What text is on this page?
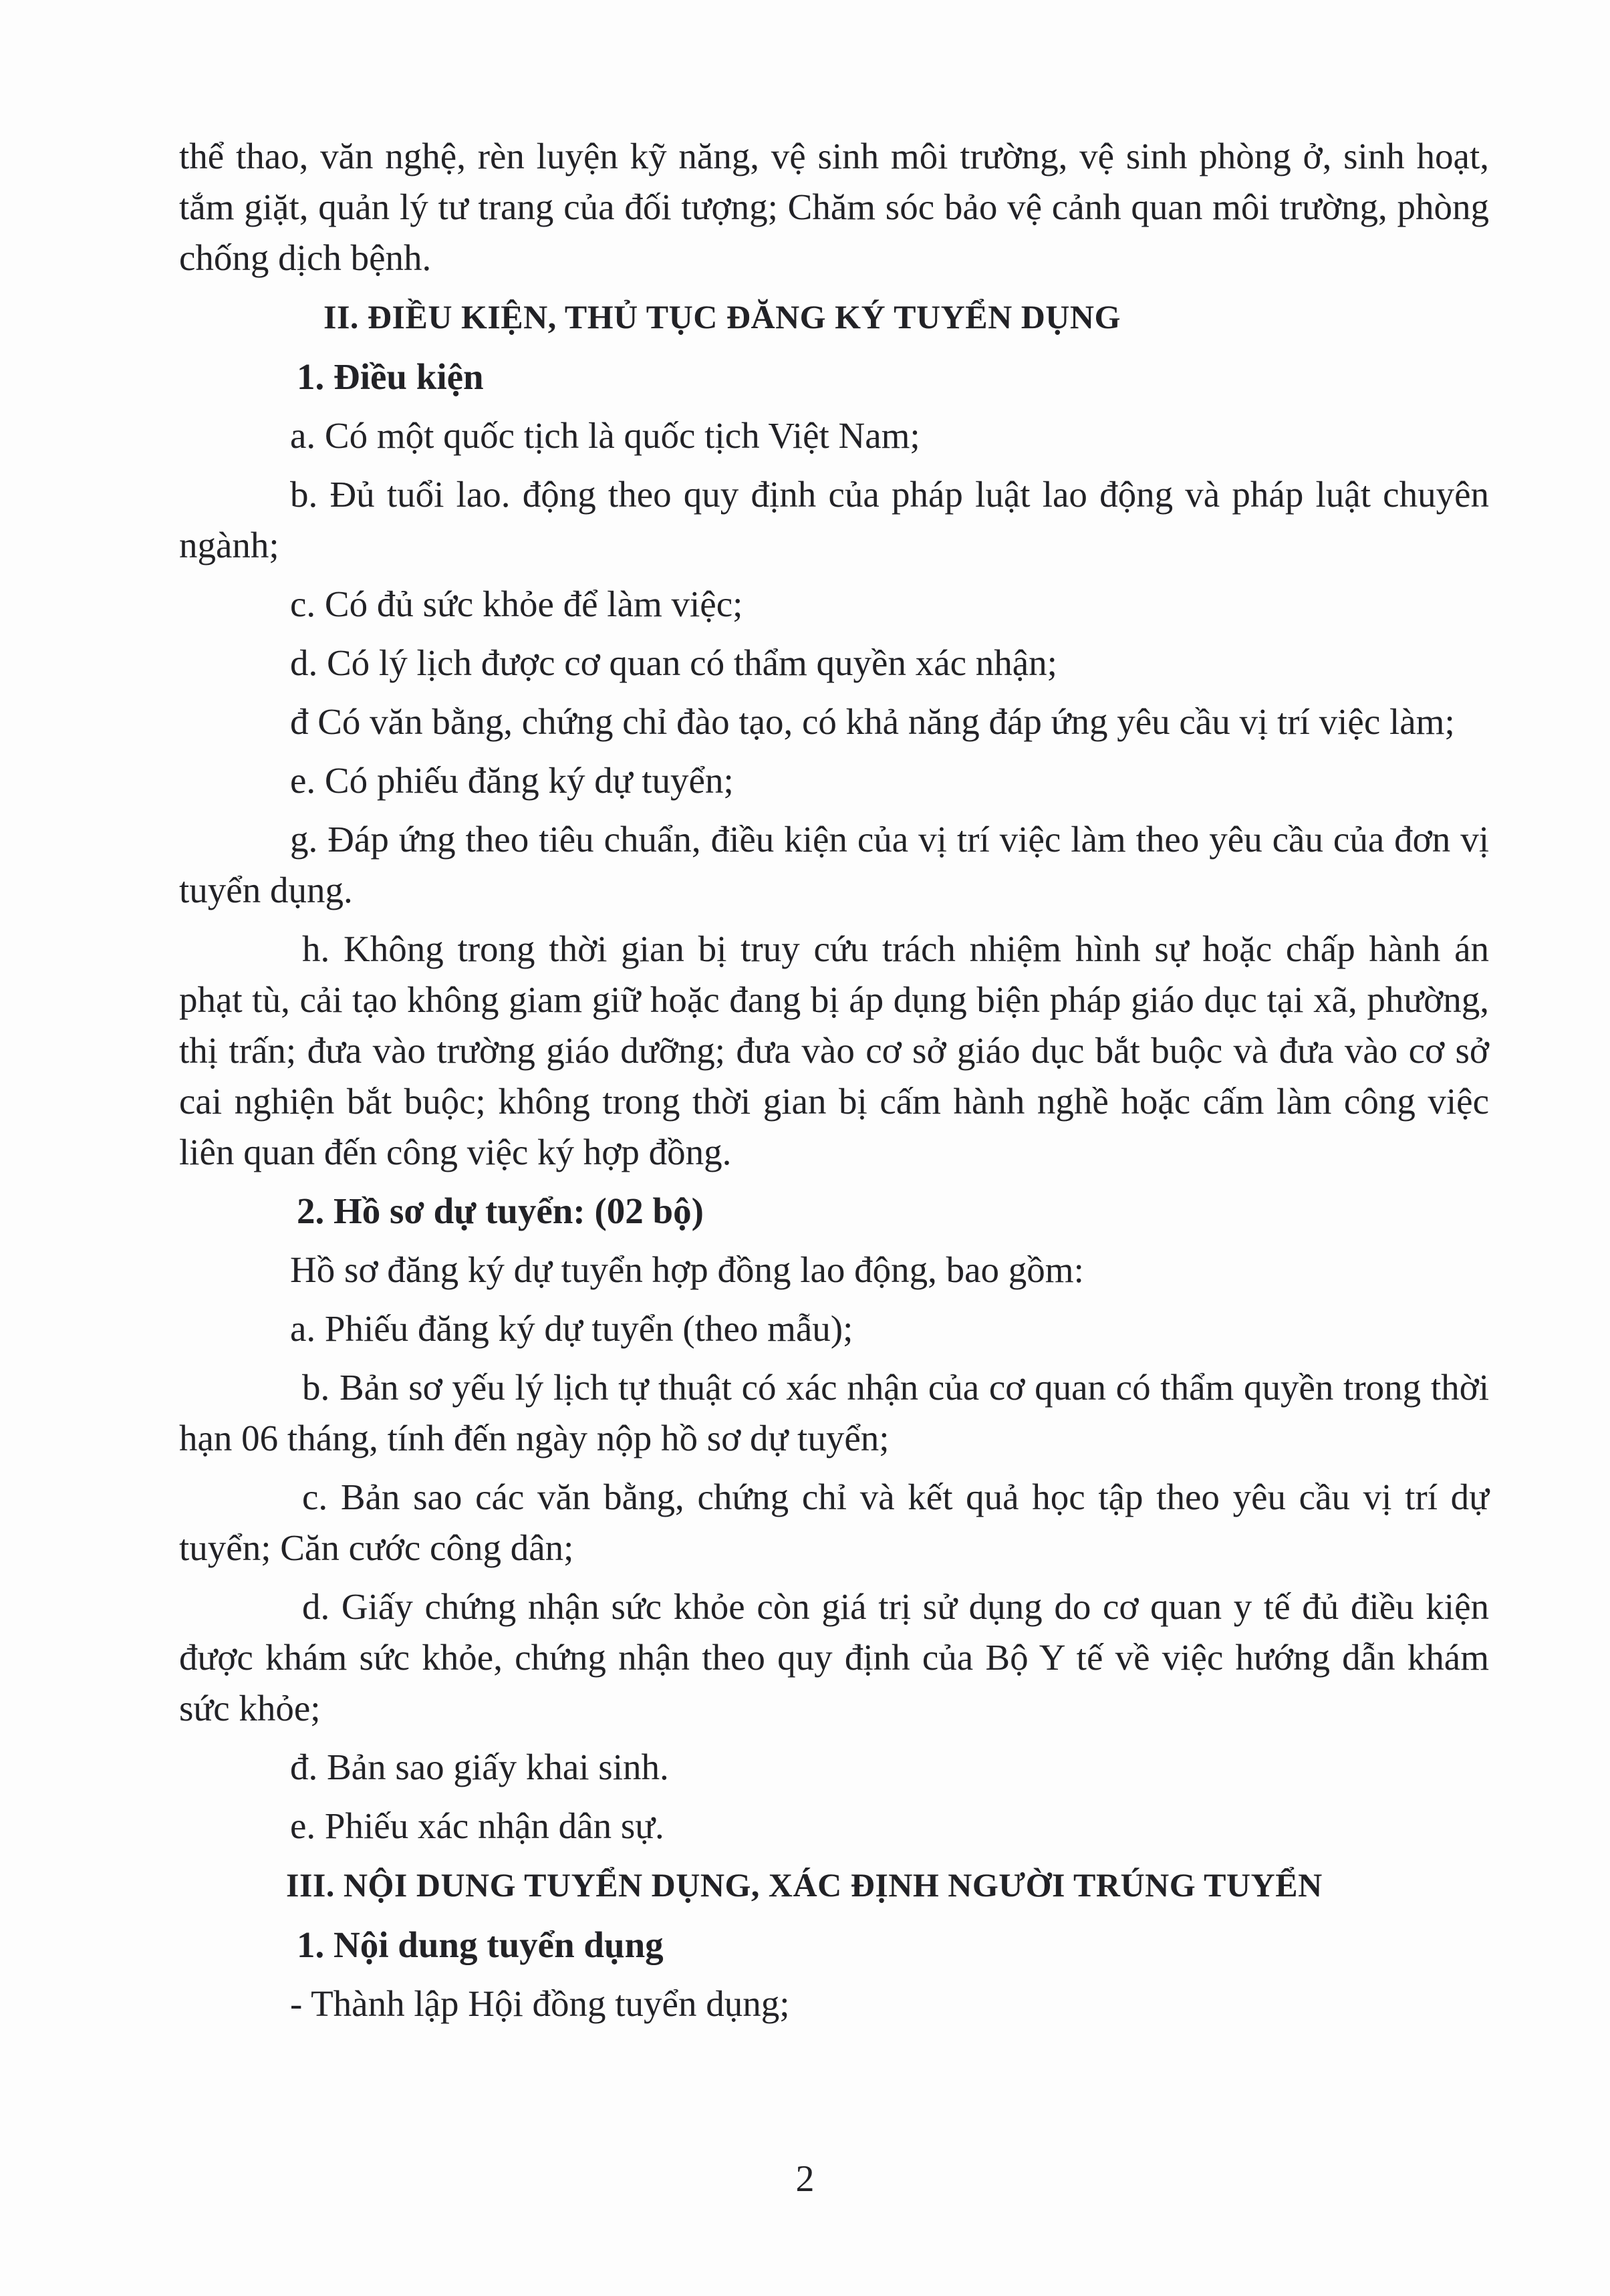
thể thao, văn nghệ, rèn luyện kỹ năng, vệ sinh môi trường, vệ sinh phòng ở, sinh hoạt, tắm giặt, quản lý tư trang của đối tượng; Chăm sóc bảo vệ cảnh quan môi trường, phòng chống dịch bệnh.

II. ĐIỀU KIỆN, THỦ TỤC ĐĂNG KÝ TUYỂN DỤNG
1. Điều kiện

a. Có một quốc tịch là quốc tịch Việt Nam;

b. Đủ tuổi lao. động theo quy định của pháp luật lao động và pháp luật chuyên ngành;

c. Có đủ sức khỏe để làm việc;

d. Có lý lịch được cơ quan có thẩm quyền xác nhận;

đ Có văn bằng, chứng chỉ đào tạo, có khả năng đáp ứng yêu cầu vị trí việc làm;

e. Có phiếu đăng ký dự tuyển;

g. Đáp ứng theo tiêu chuẩn, điều kiện của vị trí việc làm theo yêu cầu của đơn vị tuyển dụng.

h. Không trong thời gian bị truy cứu trách nhiệm hình sự hoặc chấp hành án phạt tù, cải tạo không giam giữ hoặc đang bị áp dụng biện pháp giáo dục tại xã, phường, thị trấn; đưa vào trường giáo dưỡng; đưa vào cơ sở giáo dục bắt buộc và đưa vào cơ sở cai nghiện bắt buộc; không trong thời gian bị cấm hành nghề hoặc cấm làm công việc liên quan đến công việc ký hợp đồng.

2. Hồ sơ dự tuyển: (02 bộ)

Hồ sơ đăng ký dự tuyển hợp đồng lao động, bao gồm:

a. Phiếu đăng ký dự tuyển (theo mẫu);

b. Bản sơ yếu lý lịch tự thuật có xác nhận của cơ quan có thẩm quyền trong thời hạn 06 tháng, tính đến ngày nộp hồ sơ dự tuyển;

c. Bản sao các văn bằng, chứng chỉ và kết quả học tập theo yêu cầu vị trí dự tuyển; Căn cước công dân;

d. Giấy chứng nhận sức khỏe còn giá trị sử dụng do cơ quan y tế đủ điều kiện được khám sức khỏe, chứng nhận theo quy định của Bộ Y tế về việc hướng dẫn khám sức khỏe;

đ. Bản sao giấy khai sinh.

e. Phiếu xác nhận dân sự.

III. NỘI DUNG TUYỂN DỤNG, XÁC ĐỊNH NGƯỜI TRÚNG TUYỂN
1. Nội dung tuyển dụng

- Thành lập Hội đồng tuyển dụng;

2
